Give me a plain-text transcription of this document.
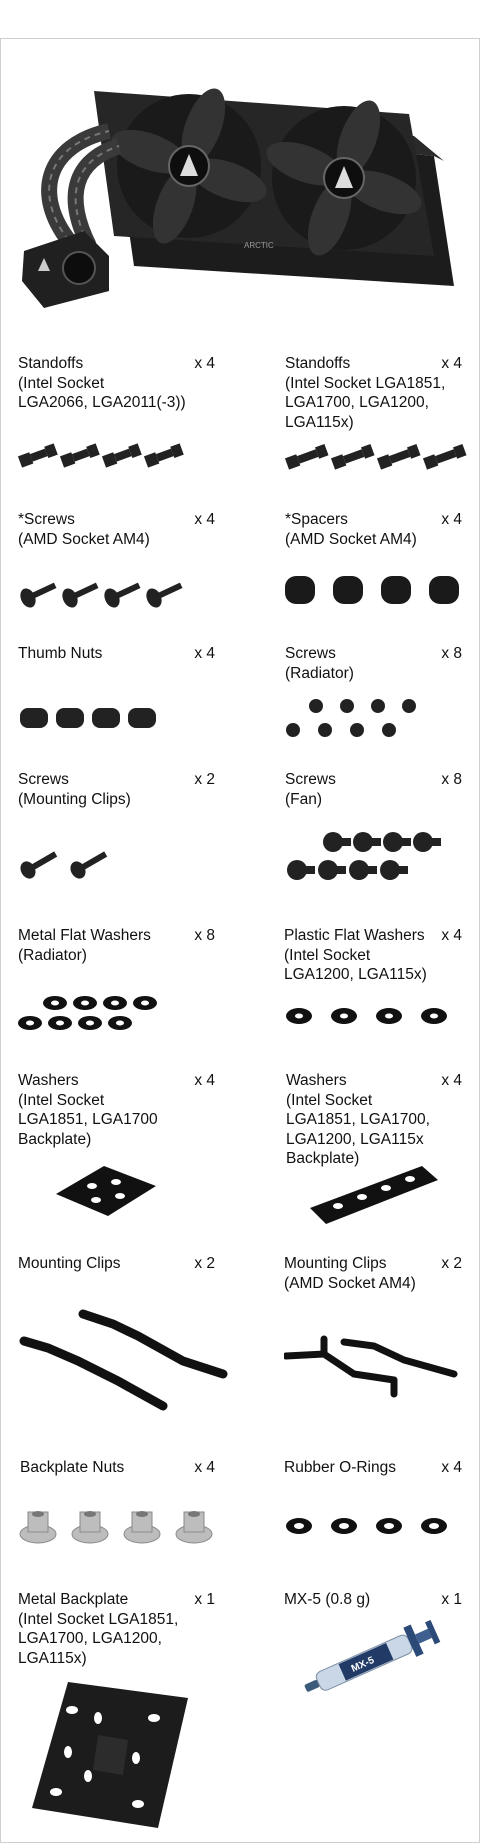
ARCTIC
Standoffs
(Intel Socket
LGA2066, LGA2011(-3))
x 4	Standoffs
(Intel Socket LGA1851,
LGA1700, LGA1200,
LGA115x)
x 4
*Screws
(AMD Socket AM4)
x 4	*Spacers
(AMD Socket AM4)
x 4
Thumb Nuts	x 4	Screws
(Radiator)
x 8
Screws
(Mounting Clips)
x 2	Screws
(Fan)
x 8
Metal Flat Washers
(Radiator)
x 8	Plastic Flat Washers
(Intel Socket
LGA1200, LGA115x)
x 4
Washers
(Intel Socket
LGA1851, LGA1700
Backplate)
x 4	Washers
(Intel Socket
LGA1851, LGA1700,
LGA1200, LGA115x
Backplate)
x 4
Mounting Clips	x 2	Mounting Clips
(AMD Socket AM4)
x 2
Backplate Nuts	x 4	Rubber O-Rings	x 4
Metal Backplate
(Intel Socket LGA1851,
LGA1700, LGA1200,
LGA115x)
x 1	MX-5 (0.8 g)	x 1
MX-5
